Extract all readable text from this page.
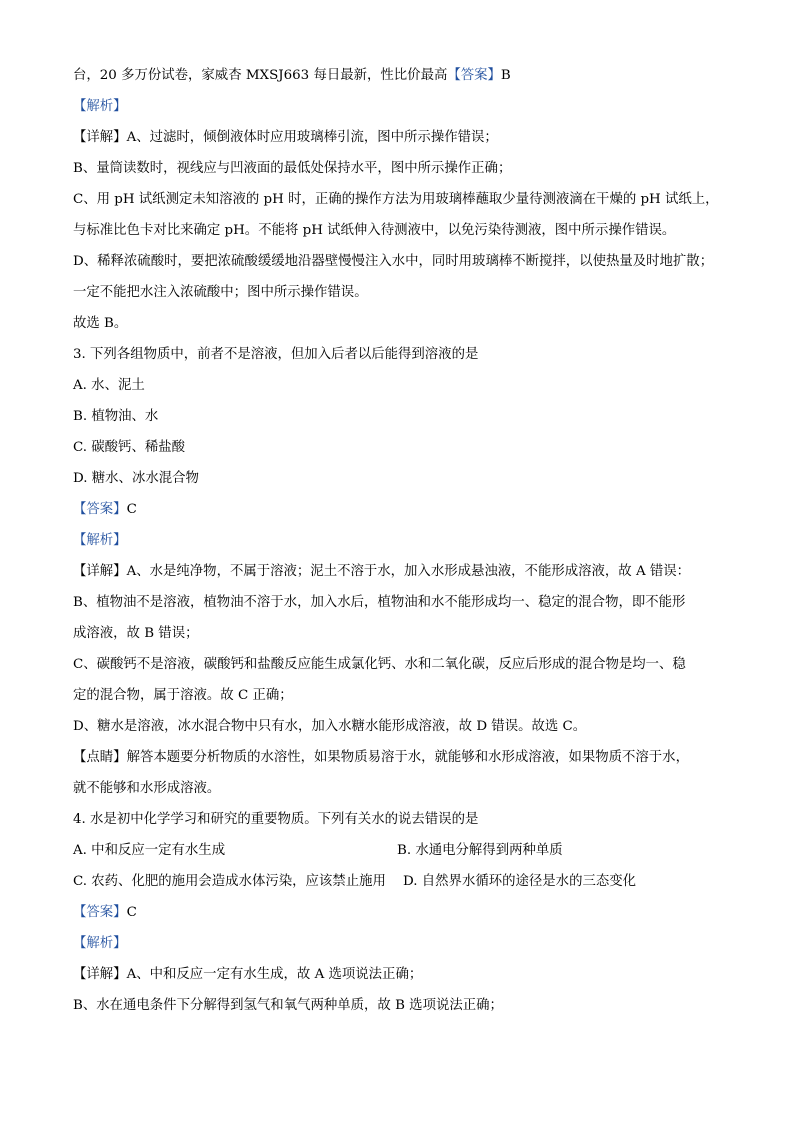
台，20 多万份试卷，家威杏 MXSJ663 每日最新，性比价最高【答案】B
【解析】
【详解】A、过滤时，倾倒液体时应用玻璃棒引流，图中所示操作错误；
B、量筒读数时，视线应与凹液面的最低处保持水平，图中所示操作正确；
C、用 pH 试纸测定未知溶液的 pH 时，正确的操作方法为用玻璃棒蘸取少量待测液滴在干燥的 pH 试纸上，
与标准比色卡对比来确定 pH。不能将 pH 试纸伸入待测液中，以免污染待测液，图中所示操作错误。
D、稀释浓硫酸时，要把浓硫酸缓缓地沿器壁慢慢注入水中，同时用玻璃棒不断搅拌，以使热量及时地扩散；
一定不能把水注入浓硫酸中；图中所示操作错误。
故选 B。
3. 下列各组物质中，前者不是溶液，但加入后者以后能得到溶液的是
A. 水、泥土
B. 植物油、水
C. 碳酸钙、稀盐酸
D. 糖水、冰水混合物
【答案】C
【解析】
【详解】A、水是纯净物，不属于溶液；泥土不溶于水，加入水形成悬浊液，不能形成溶液，故 A 错误：
B、植物油不是溶液，植物油不溶于水，加入水后，植物油和水不能形成均一、稳定的混合物，即不能形
成溶液，故 B 错误；
C、碳酸钙不是溶液，碳酸钙和盐酸反应能生成氯化钙、水和二氧化碳，反应后形成的混合物是均一、稳
定的混合物，属于溶液。故 C 正确；
D、糖水是溶液，冰水混合物中只有水，加入水糖水能形成溶液，故 D 错误。故选 C。
【点睛】解答本题要分析物质的水溶性，如果物质易溶于水，就能够和水形成溶液，如果物质不溶于水，
就不能够和水形成溶液。
4. 水是初中化学学习和研究的重要物质。下列有关水的说去错误的是
A. 中和反应一定有水生成	B. 水通电分解得到两种单质
C. 农药、化肥的施用会造成水体污染，应该禁止施用 D. 自然界水循环的途径是水的三态变化
【答案】C
【解析】
【详解】A、中和反应一定有水生成，故 A 选项说法正确；
B、水在通电条件下分解得到氢气和氧气两种单质，故 B 选项说法正确；
